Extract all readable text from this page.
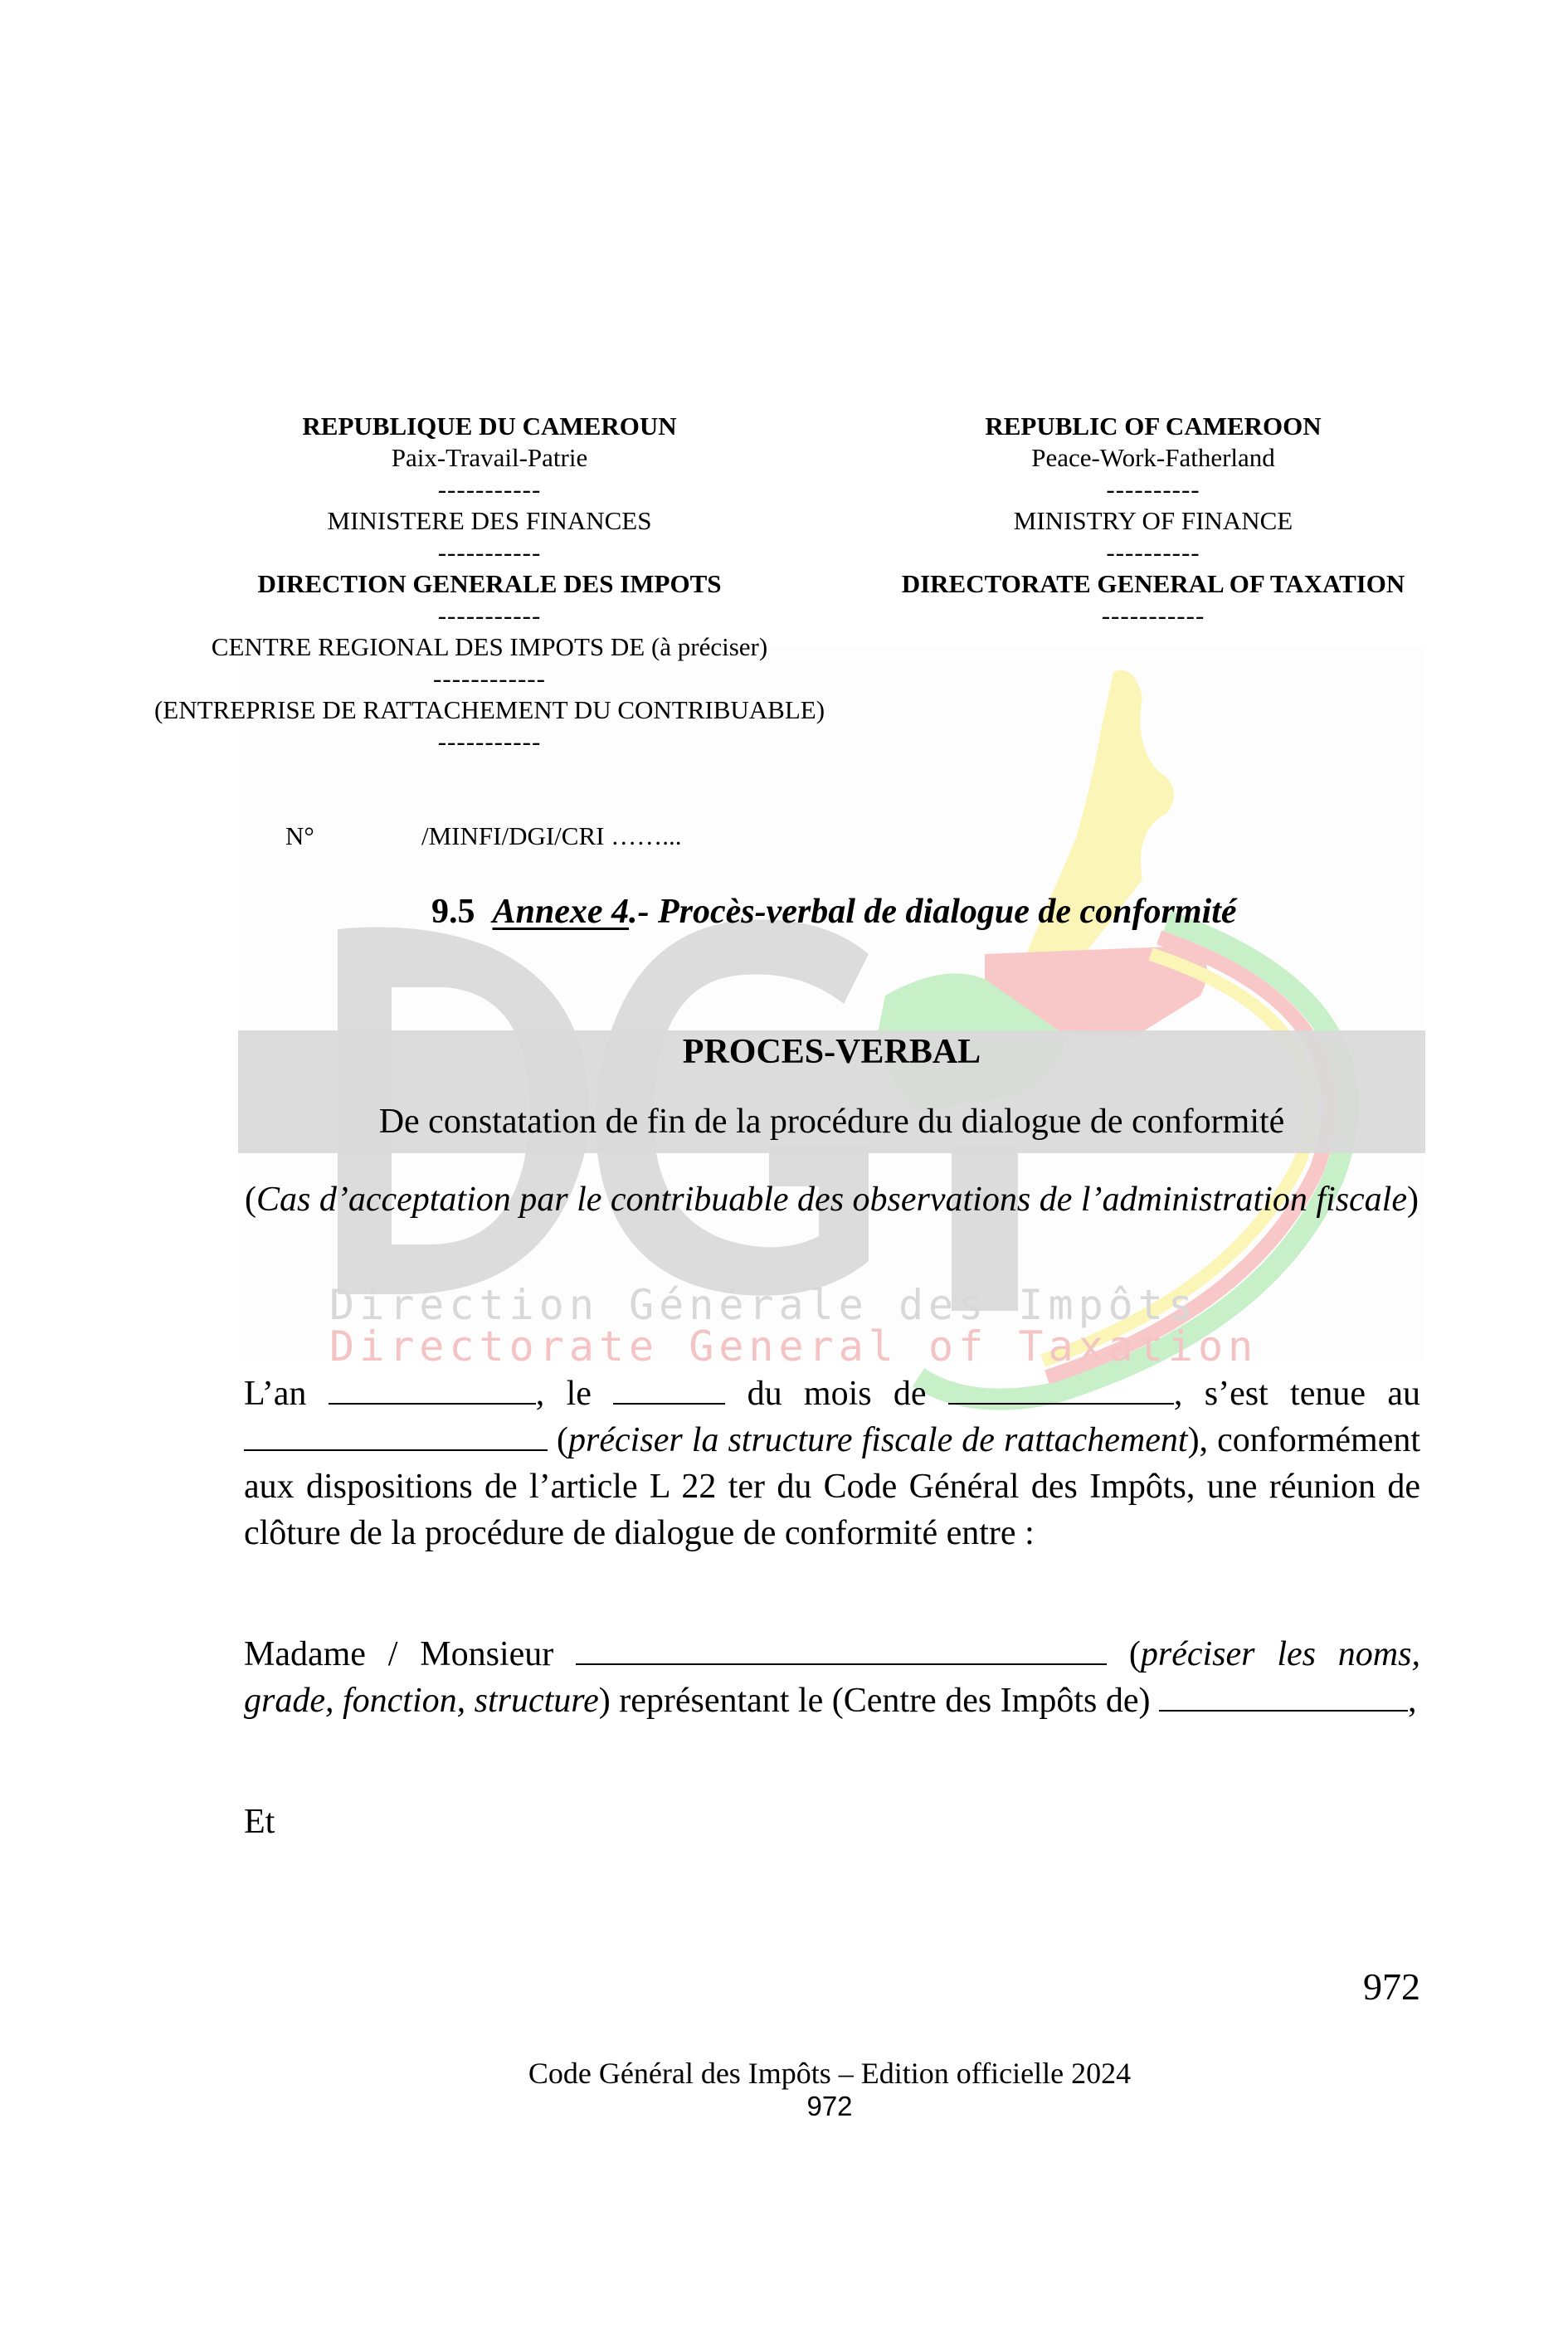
Direction Générale des Impôts
Directorate General of Taxation
REPUBLIQUE DU CAMEROUN
Paix-Travail-Patrie
-----------
MINISTERE DES FINANCES
-----------
DIRECTION GENERALE DES IMPOTS
-----------
CENTRE REGIONAL DES IMPOTS DE (à préciser)
------------
(ENTREPRISE DE RATTACHEMENT DU CONTRIBUABLE)
-----------
REPUBLIC OF CAMEROON
Peace-Work-Fatherland
----------
MINISTRY OF FINANCE
----------
DIRECTORATE GENERAL OF TAXATION
-----------
N°	/MINFI/DGI/CRI ……...
9.5 Annexe 4.- Procès-verbal de dialogue de conformité
PROCES-VERBAL
De constatation de fin de la procédure du dialogue de conformité
(Cas d’acceptation par le contribuable des observations de l’administration fiscale)
L’an	, le	du mois de	, s’est tenue au  (préciser la structure fiscale de rattachement), conformément aux dispositions de l’article L 22 ter du Code Général des Impôts, une réunion de clôture de la procédure de dialogue de conformité entre :
Madame / Monsieur	(préciser les noms, grade, fonction, structure) représentant le (Centre des Impôts de)	,
Et
972
Code Général des Impôts – Edition officielle 2024
972
